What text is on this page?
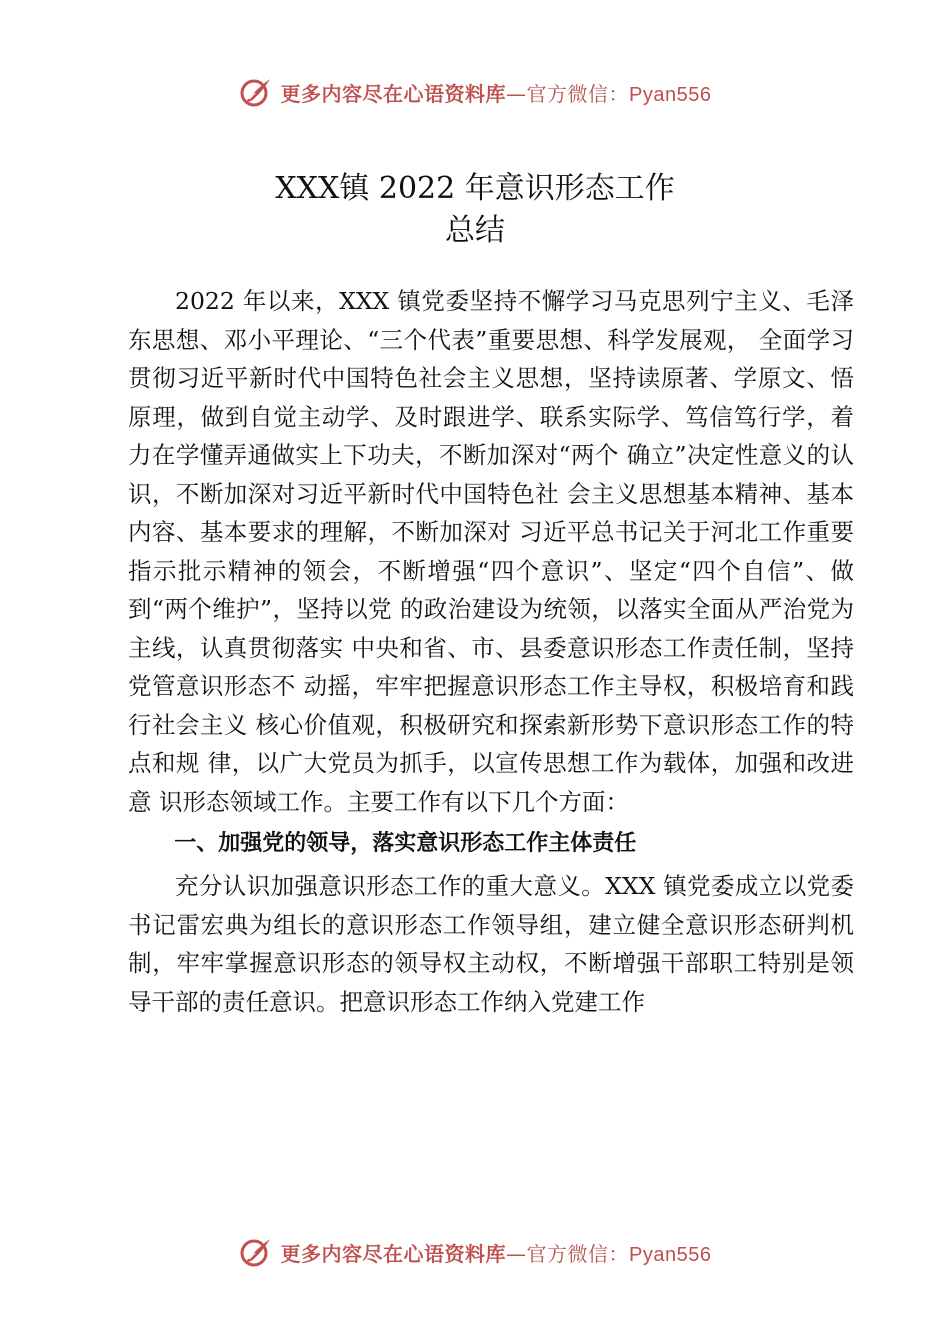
更多内容尽在心语资料库—官方微信：Pyan556
XXX镇 2022 年意识形态工作
总结

2022 年以来，XXX 镇党委坚持不懈学习马克思列宁主义、毛泽东思想、邓小平理论、“三个代表”重要思想、科学发展观， 全面学习贯彻习近平新时代中国特色社会主义思想，坚持读原著、学原文、悟原理，做到自觉主动学、及时跟进学、联系实际学、笃信笃行学，着力在学懂弄通做实上下功夫，不断加深对“两个 确立”决定性意义的认识，不断加深对习近平新时代中国特色社 会主义思想基本精神、基本内容、基本要求的理解，不断加深对 习近平总书记关于河北工作重要指示批示精神的领会，不断增强“四个意识”、坚定“四个自信”、做到“两个维护”，坚持以党 的政治建设为统领，以落实全面从严治党为主线，认真贯彻落实 中央和省、市、县委意识形态工作责任制，坚持党管意识形态不 动摇，牢牢把握意识形态工作主导权，积极培育和践行社会主义 核心价值观，积极研究和探索新形势下意识形态工作的特点和规 律，以广大党员为抓手，以宣传思想工作为载体，加强和改进意 识形态领域工作。主要工作有以下几个方面：

一、加强党的领导，落实意识形态工作主体责任

充分认识加强意识形态工作的重大意义。XXX 镇党委成立以党委书记雷宏典为组长的意识形态工作领导组，建立健全意识形态研判机制，牢牢掌握意识形态的领导权主动权，不断增强干部职工特别是领导干部的责任意识。把意识形态工作纳入党建工作

更多内容尽在心语资料库—官方微信：Pyan556
